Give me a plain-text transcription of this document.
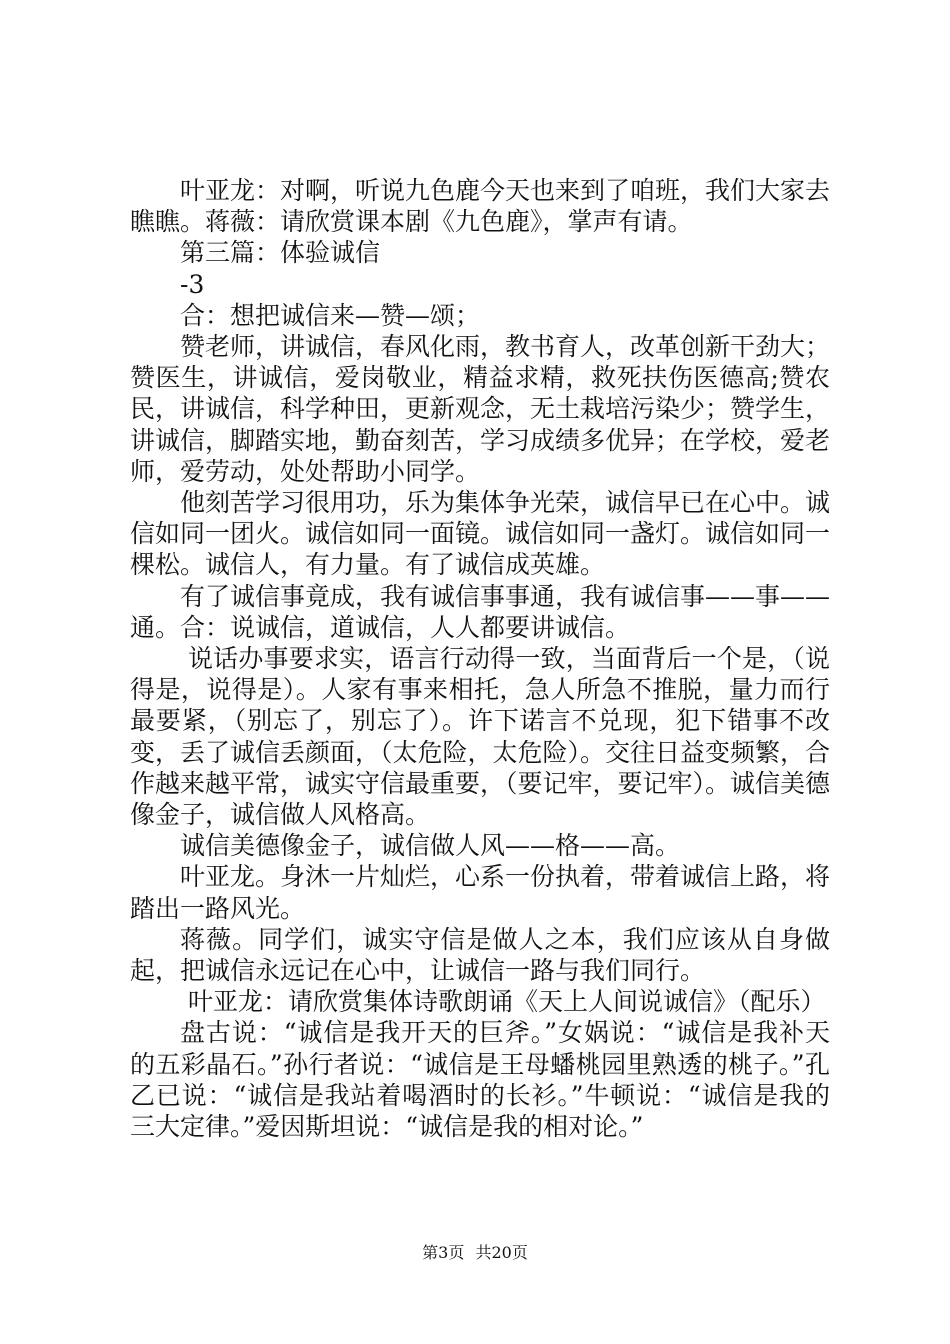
叶亚龙：对啊，听说九色鹿今天也来到了咱班，我们大家去瞧瞧。蒋薇：请欣赏课本剧《九色鹿》，掌声有请。

第三篇：体验诚信

-3

合：想把诚信来—赞—颂；

赞老师，讲诚信，春风化雨，教书育人，改革创新干劲大；赞医生，讲诚信，爱岗敬业，精益求精，救死扶伤医德高;赞农民，讲诚信，科学种田，更新观念，无土栽培污染少；赞学生，讲诚信，脚踏实地，勤奋刻苦，学习成绩多优异；在学校，爱老师，爱劳动，处处帮助小同学。

他刻苦学习很用功，乐为集体争光荣，诚信早已在心中。诚信如同一团火。诚信如同一面镜。诚信如同一盏灯。诚信如同一棵松。诚信人，有力量。有了诚信成英雄。

有了诚信事竟成，我有诚信事事通，我有诚信事——事——通。合：说诚信，道诚信，人人都要讲诚信。

说话办事要求实，语言行动得一致，当面背后一个是，（说得是，说得是）。人家有事来相托，急人所急不推脱，量力而行最要紧，（别忘了，别忘了）。许下诺言不兑现，犯下错事不改变，丢了诚信丢颜面，（太危险，太危险）。交往日益变频繁，合作越来越平常，诚实守信最重要，（要记牢，要记牢）。诚信美德像金子，诚信做人风格高。

诚信美德像金子，诚信做人风——格——高。

叶亚龙。身沐一片灿烂，心系一份执着，带着诚信上路，将踏出一路风光。

蒋薇。同学们，诚实守信是做人之本，我们应该从自身做起，把诚信永远记在心中，让诚信一路与我们同行。

叶亚龙：请欣赏集体诗歌朗诵《天上人间说诚信》（配乐）

盘古说：“诚信是我开天的巨斧。”女娲说：“诚信是我补天的五彩晶石。”孙行者说：“诚信是王母蟠桃园里熟透的桃子。”孔乙已说：“诚信是我站着喝酒时的长衫。”牛顿说：“诚信是我的三大定律。”爱因斯坦说：“诚信是我的相对论。”

第3页 共20页
